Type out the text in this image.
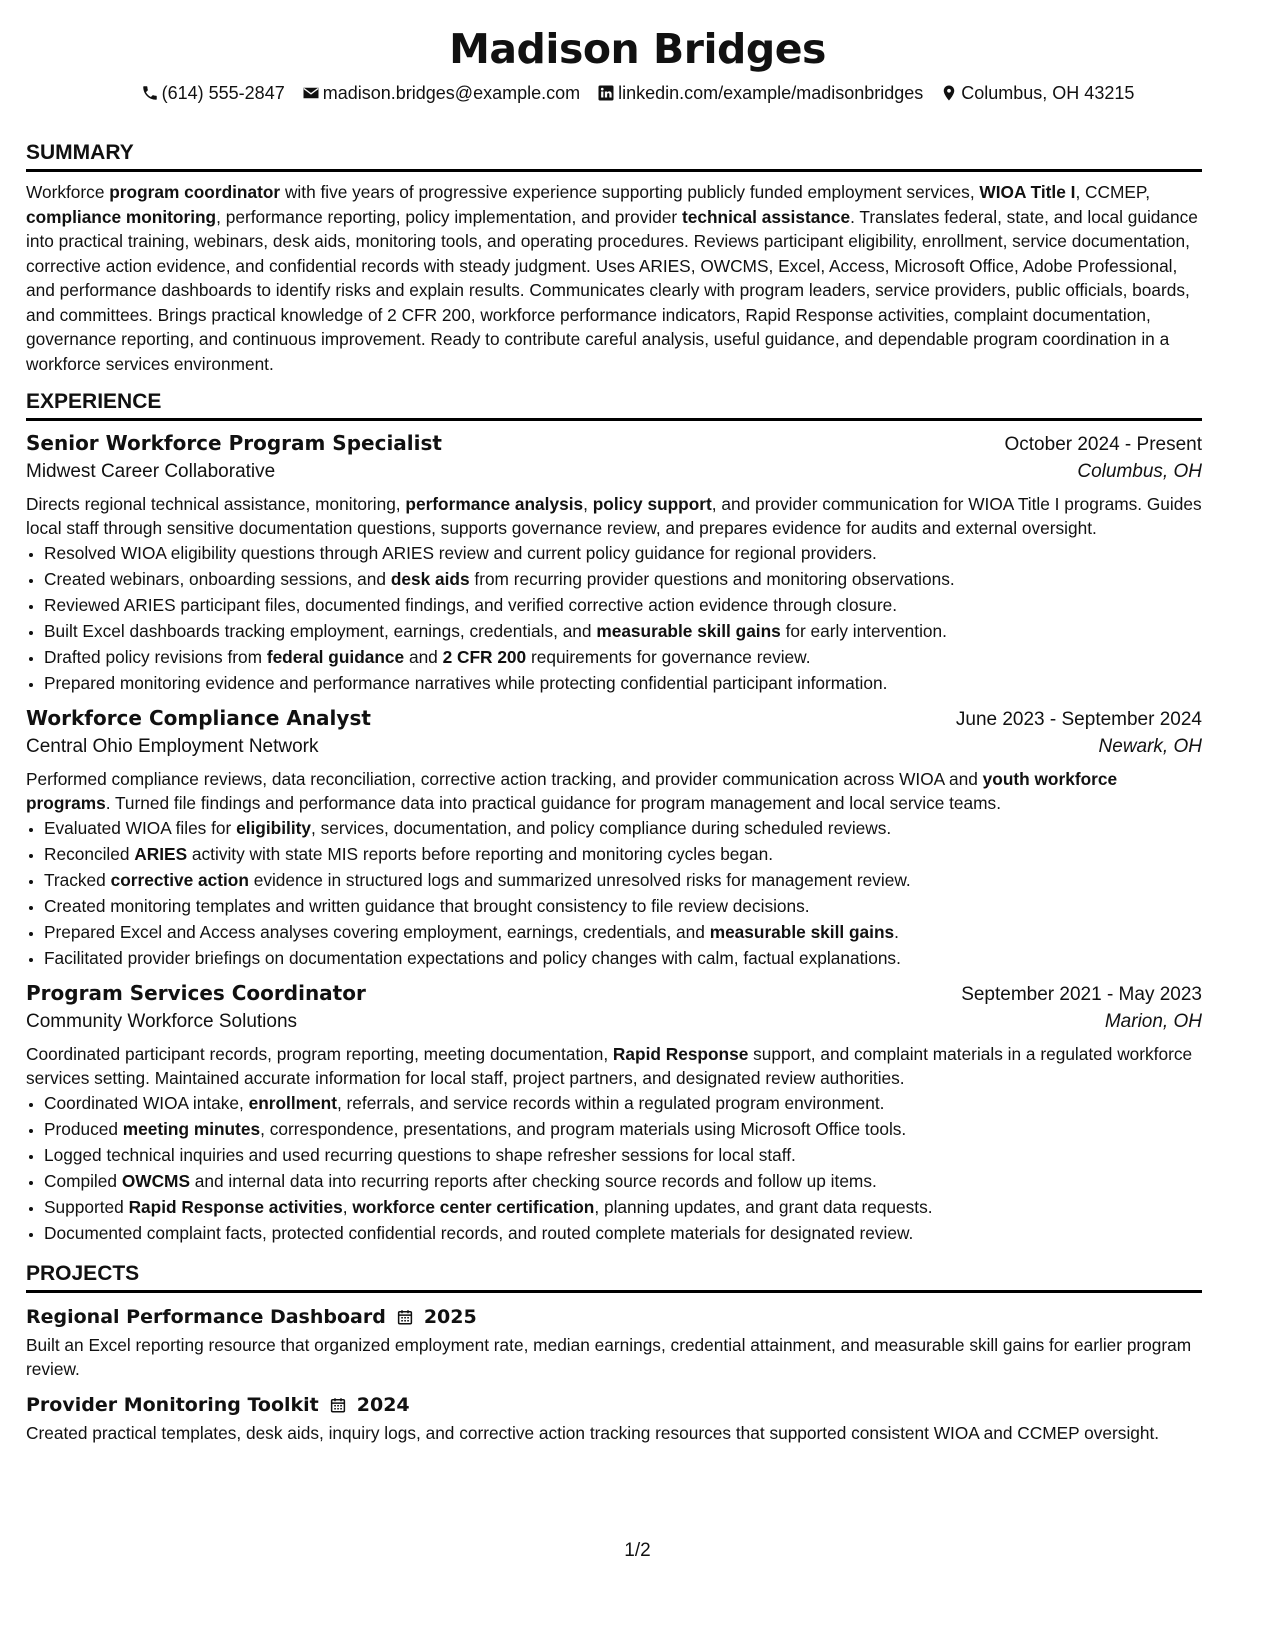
Madison Bridges
(614) 555-2847 madison.bridges@example.com linkedin.com/example/madisonbridges Columbus, OH 43215
SUMMARY
Workforce program coordinator with five years of progressive experience supporting publicly funded employment services, WIOA Title I, CCMEP, compliance monitoring, performance reporting, policy implementation, and provider technical assistance. Translates federal, state, and local guidance into practical training, webinars, desk aids, monitoring tools, and operating procedures. Reviews participant eligibility, enrollment, service documentation, corrective action evidence, and confidential records with steady judgment. Uses ARIES, OWCMS, Excel, Access, Microsoft Office, Adobe Professional, and performance dashboards to identify risks and explain results. Communicates clearly with program leaders, service providers, public officials, boards, and committees. Brings practical knowledge of 2 CFR 200, workforce performance indicators, Rapid Response activities, complaint documentation, governance reporting, and continuous improvement. Ready to contribute careful analysis, useful guidance, and dependable program coordination in a workforce services environment.
EXPERIENCE
Senior Workforce Program Specialist	October 2024 - Present
Midwest Career Collaborative	Columbus, OH
Directs regional technical assistance, monitoring, performance analysis, policy support, and provider communication for WIOA Title I programs. Guides local staff through sensitive documentation questions, supports governance review, and prepares evidence for audits and external oversight.
• Resolved WIOA eligibility questions through ARIES review and current policy guidance for regional providers.
• Created webinars, onboarding sessions, and desk aids from recurring provider questions and monitoring observations.
• Reviewed ARIES participant files, documented findings, and verified corrective action evidence through closure.
• Built Excel dashboards tracking employment, earnings, credentials, and measurable skill gains for early intervention.
• Drafted policy revisions from federal guidance and 2 CFR 200 requirements for governance review.
• Prepared monitoring evidence and performance narratives while protecting confidential participant information.
Workforce Compliance Analyst	June 2023 - September 2024
Central Ohio Employment Network	Newark, OH
Performed compliance reviews, data reconciliation, corrective action tracking, and provider communication across WIOA and youth workforce programs. Turned file findings and performance data into practical guidance for program management and local service teams.
• Evaluated WIOA files for eligibility, services, documentation, and policy compliance during scheduled reviews.
• Reconciled ARIES activity with state MIS reports before reporting and monitoring cycles began.
• Tracked corrective action evidence in structured logs and summarized unresolved risks for management review.
• Created monitoring templates and written guidance that brought consistency to file review decisions.
• Prepared Excel and Access analyses covering employment, earnings, credentials, and measurable skill gains.
• Facilitated provider briefings on documentation expectations and policy changes with calm, factual explanations.
Program Services Coordinator	September 2021 - May 2023
Community Workforce Solutions	Marion, OH
Coordinated participant records, program reporting, meeting documentation, Rapid Response support, and complaint materials in a regulated workforce services setting. Maintained accurate information for local staff, project partners, and designated review authorities.
• Coordinated WIOA intake, enrollment, referrals, and service records within a regulated program environment.
• Produced meeting minutes, correspondence, presentations, and program materials using Microsoft Office tools.
• Logged technical inquiries and used recurring questions to shape refresher sessions for local staff.
• Compiled OWCMS and internal data into recurring reports after checking source records and follow up items.
• Supported Rapid Response activities, workforce center certification, planning updates, and grant data requests.
• Documented complaint facts, protected confidential records, and routed complete materials for designated review.
PROJECTS
Regional Performance Dashboard 2025
Built an Excel reporting resource that organized employment rate, median earnings, credential attainment, and measurable skill gains for earlier program review.
Provider Monitoring Toolkit 2024
Created practical templates, desk aids, inquiry logs, and corrective action tracking resources that supported consistent WIOA and CCMEP oversight.
1/2
